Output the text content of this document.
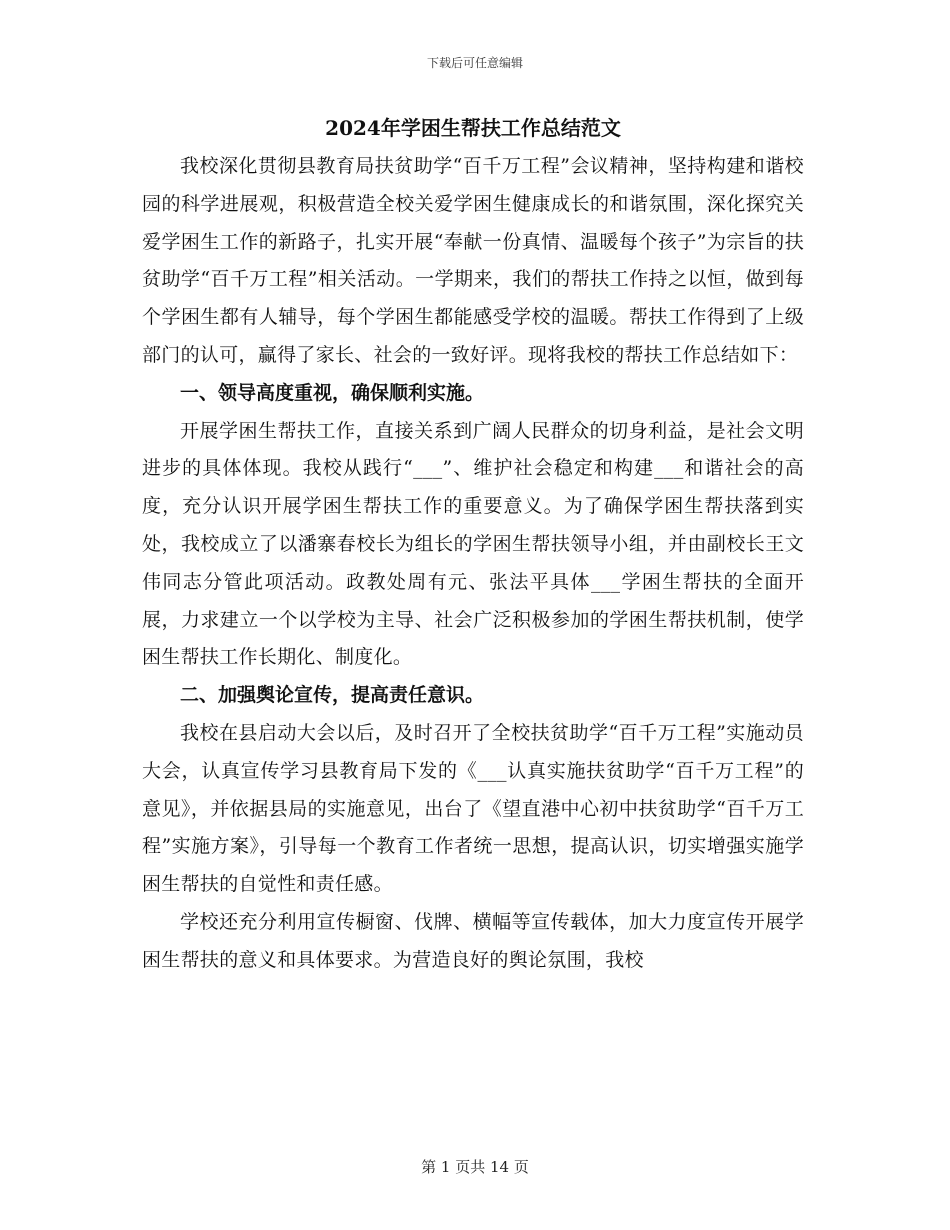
下载后可任意编辑
2024年学困生帮扶工作总结范文

我校深化贯彻县教育局扶贫助学“百千万工程”会议精神，坚持构建和谐校园的科学进展观，积极营造全校关爱学困生健康成长的和谐氛围，深化探究关爱学困生工作的新路子，扎实开展“奉献一份真情、温暖每个孩子”为宗旨的扶贫助学“百千万工程”相关活动。一学期来，我们的帮扶工作持之以恒，做到每个学困生都有人辅导，每个学困生都能感受学校的温暖。帮扶工作得到了上级部门的认可，赢得了家长、社会的一致好评。现将我校的帮扶工作总结如下：

一、领导高度重视，确保顺利实施。

开展学困生帮扶工作，直接关系到广阔人民群众的切身利益，是社会文明进步的具体体现。我校从践行“___”、维护社会稳定和构建___和谐社会的高度，充分认识开展学困生帮扶工作的重要意义。为了确保学困生帮扶落到实处，我校成立了以潘寨春校长为组长的学困生帮扶领导小组，并由副校长王文伟同志分管此项活动。政教处周有元、张法平具体___学困生帮扶的全面开展，力求建立一个以学校为主导、社会广泛积极参加的学困生帮扶机制，使学困生帮扶工作长期化、制度化。

二、加强舆论宣传，提高责任意识。

我校在县启动大会以后，及时召开了全校扶贫助学“百千万工程”实施动员大会，认真宣传学习县教育局下发的《___认真实施扶贫助学“百千万工程”的意见》，并依据县局的实施意见，出台了《望直港中心初中扶贫助学“百千万工程”实施方案》，引导每一个教育工作者统一思想，提高认识，切实增强实施学困生帮扶的自觉性和责任感。

学校还充分利用宣传橱窗、伐牌、横幅等宣传载体，加大力度宣传开展学困生帮扶的意义和具体要求。为营造良好的舆论氛围，我校

第 1 页共 14 页
